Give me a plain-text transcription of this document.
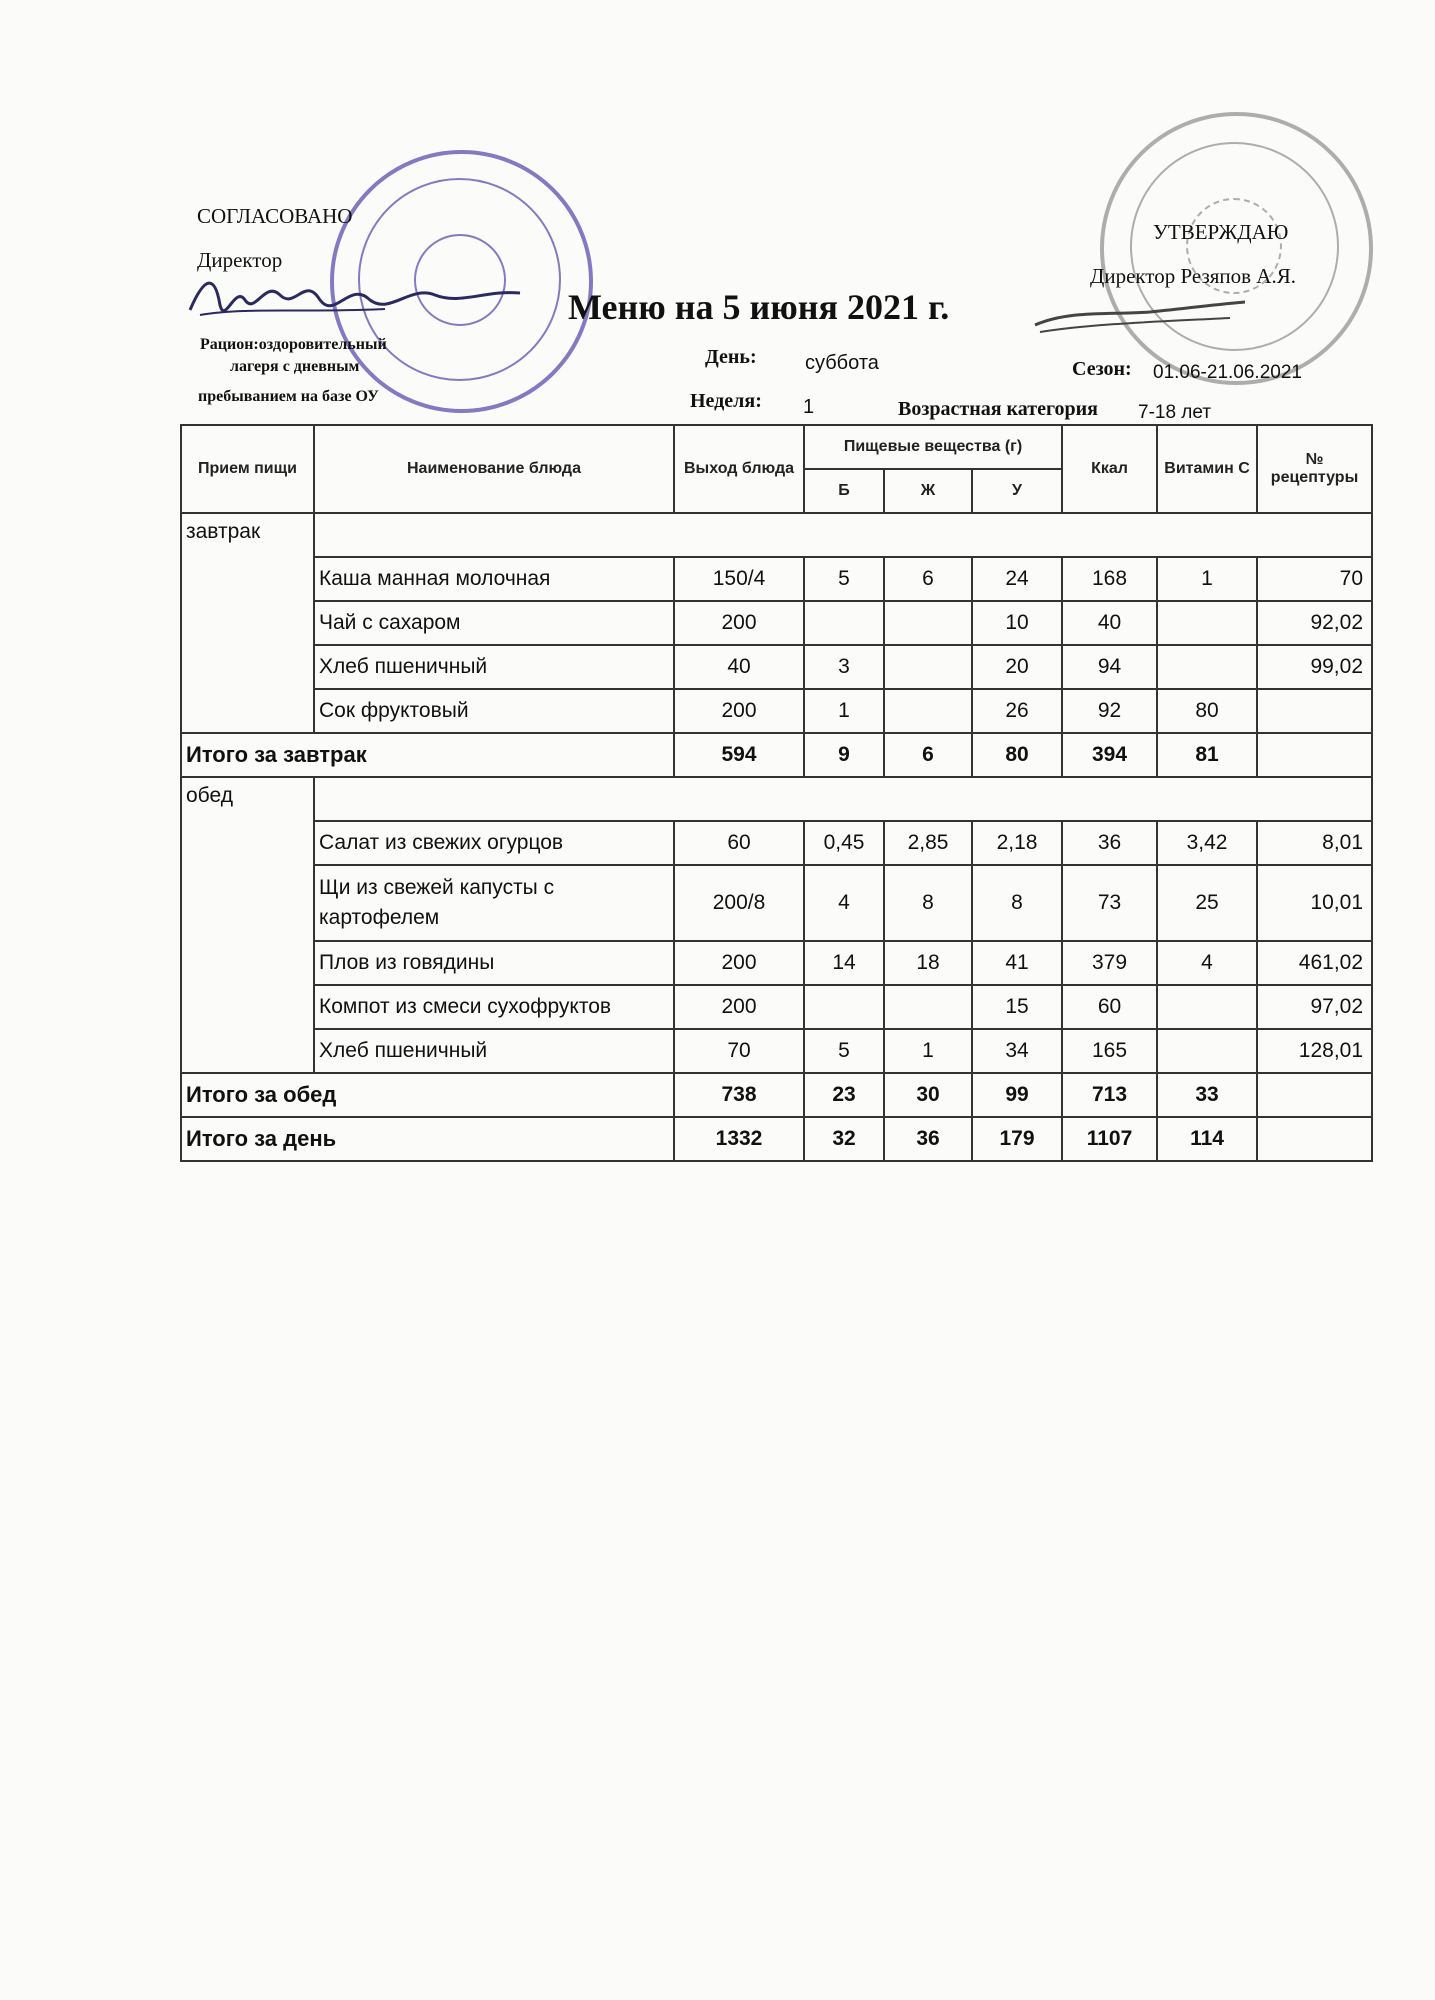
СОГЛАСОВАНО
Директор
УТВЕРЖДАЮ
Директор Резяпов А.Я.
Меню на 5 июня 2021 г.
Рацион:оздоровительный
лагеря с дневным
пребыванием на базе ОУ
День: суббота
Неделя: 1	Возрастная категория 7-18 лет
Сезон: 01.06-21.06.2021
Прием пищи	Наименование блюда	Выход блюда	Пищевые вещества (г)			Ккал	Витамин С	№ рецептуры
			Б	Ж	У			
завтрак								
	Каша манная молочная	150/4	5	6	24	168	1	70
	Чай с сахаром	200			10	40		92,02
	Хлеб пшеничный	40	3		20	94		99,02
	Сок фруктовый	200	1		26	92	80	
Итого за завтрак		594	9	6	80	394	81	
обед								
	Салат из свежих огурцов	60	0,45	2,85	2,18	36	3,42	8,01
	Щи из свежей капусты с картофелем	200/8	4	8	8	73	25	10,01
	Плов из говядины	200	14	18	41	379	4	461,02
	Компот из смеси сухофруктов	200			15	60		97,02
	Хлеб пшеничный	70	5	1	34	165		128,01
Итого за обед		738	23	30	99	713	33	
Итого за день		1332	32	36	179	1107	114	
